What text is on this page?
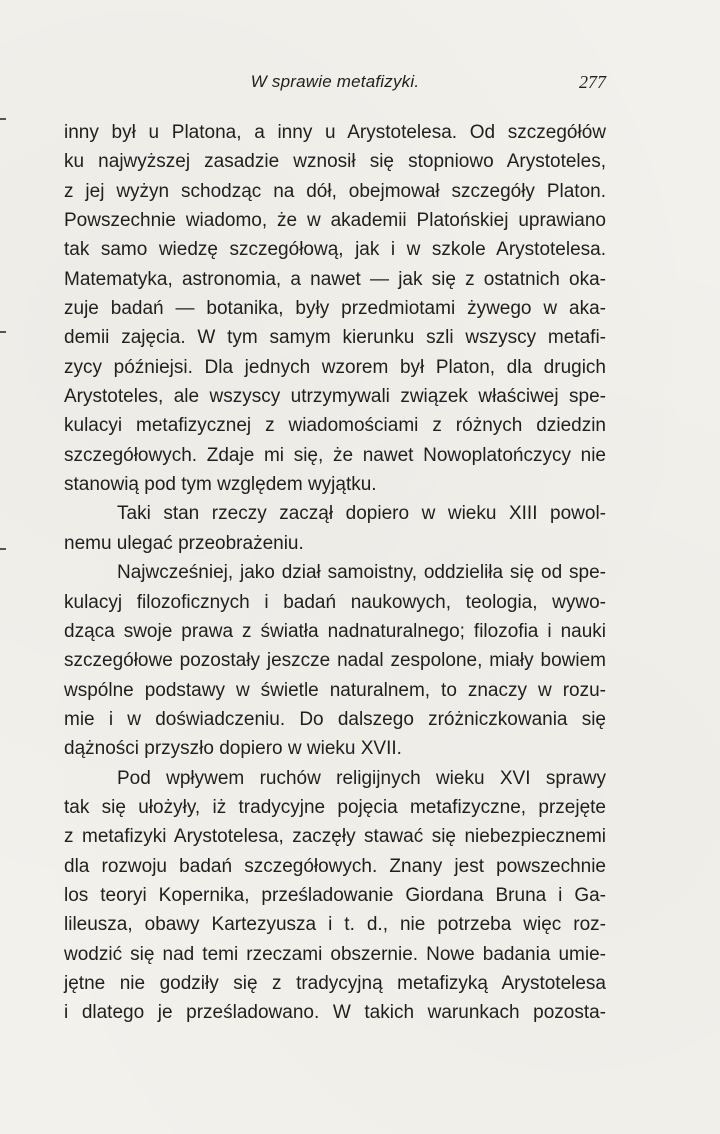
W sprawie metafizyki.	277
inny był u Platona, a inny u Arystotelesa. Od szczegółów
ku najwyższej zasadzie wznosił się stopniowo Arystoteles,
z jej wyżyn schodząc na dół, obejmował szczegóły Platon.
Powszechnie wiadomo, że w akademii Platońskiej uprawiano
tak samo wiedzę szczegółową, jak i w szkole Arystotelesa.
Matematyka, astronomia, a nawet — jak się z ostatnich oka-
zuje badań — botanika, były przedmiotami żywego w aka-
demii zajęcia. W tym samym kierunku szli wszyscy metafi-
zycy późniejsi. Dla jednych wzorem był Platon, dla drugich
Arystoteles, ale wszyscy utrzymywali związek właściwej spe-
kulacyi metafizycznej z wiadomościami z różnych dziedzin
szczegółowych. Zdaje mi się, że nawet Nowoplatończycy nie
stanowią pod tym względem wyjątku.
Taki stan rzeczy zaczął dopiero w wieku XIII powol-
nemu ulegać przeobrażeniu.
Najwcześniej, jako dział samoistny, oddzieliła się od spe-
kulacyj filozoficznych i badań naukowych, teologia, wywo-
dząca swoje prawa z światła nadnaturalnego; filozofia i nauki
szczegółowe pozostały jeszcze nadal zespolone, miały bowiem
wspólne podstawy w świetle naturalnem, to znaczy w rozu-
mie i w doświadczeniu. Do dalszego zróżniczkowania się
dążności przyszło dopiero w wieku XVII.
Pod wpływem ruchów religijnych wieku XVI sprawy
tak się ułożyły, iż tradycyjne pojęcia metafizyczne, przejęte
z metafizyki Arystotelesa, zaczęły stawać się niebezpiecznemi
dla rozwoju badań szczegółowych. Znany jest powszechnie
los teoryi Kopernika, prześladowanie Giordana Bruna i Ga-
lileusza, obawy Kartezyusza i t. d., nie potrzeba więc roz-
wodzić się nad temi rzeczami obszernie. Nowe badania umie-
jętne nie godziły się z tradycyjną metafizyką Arystotelesa
i dlatego je prześladowano. W takich warunkach pozosta-
